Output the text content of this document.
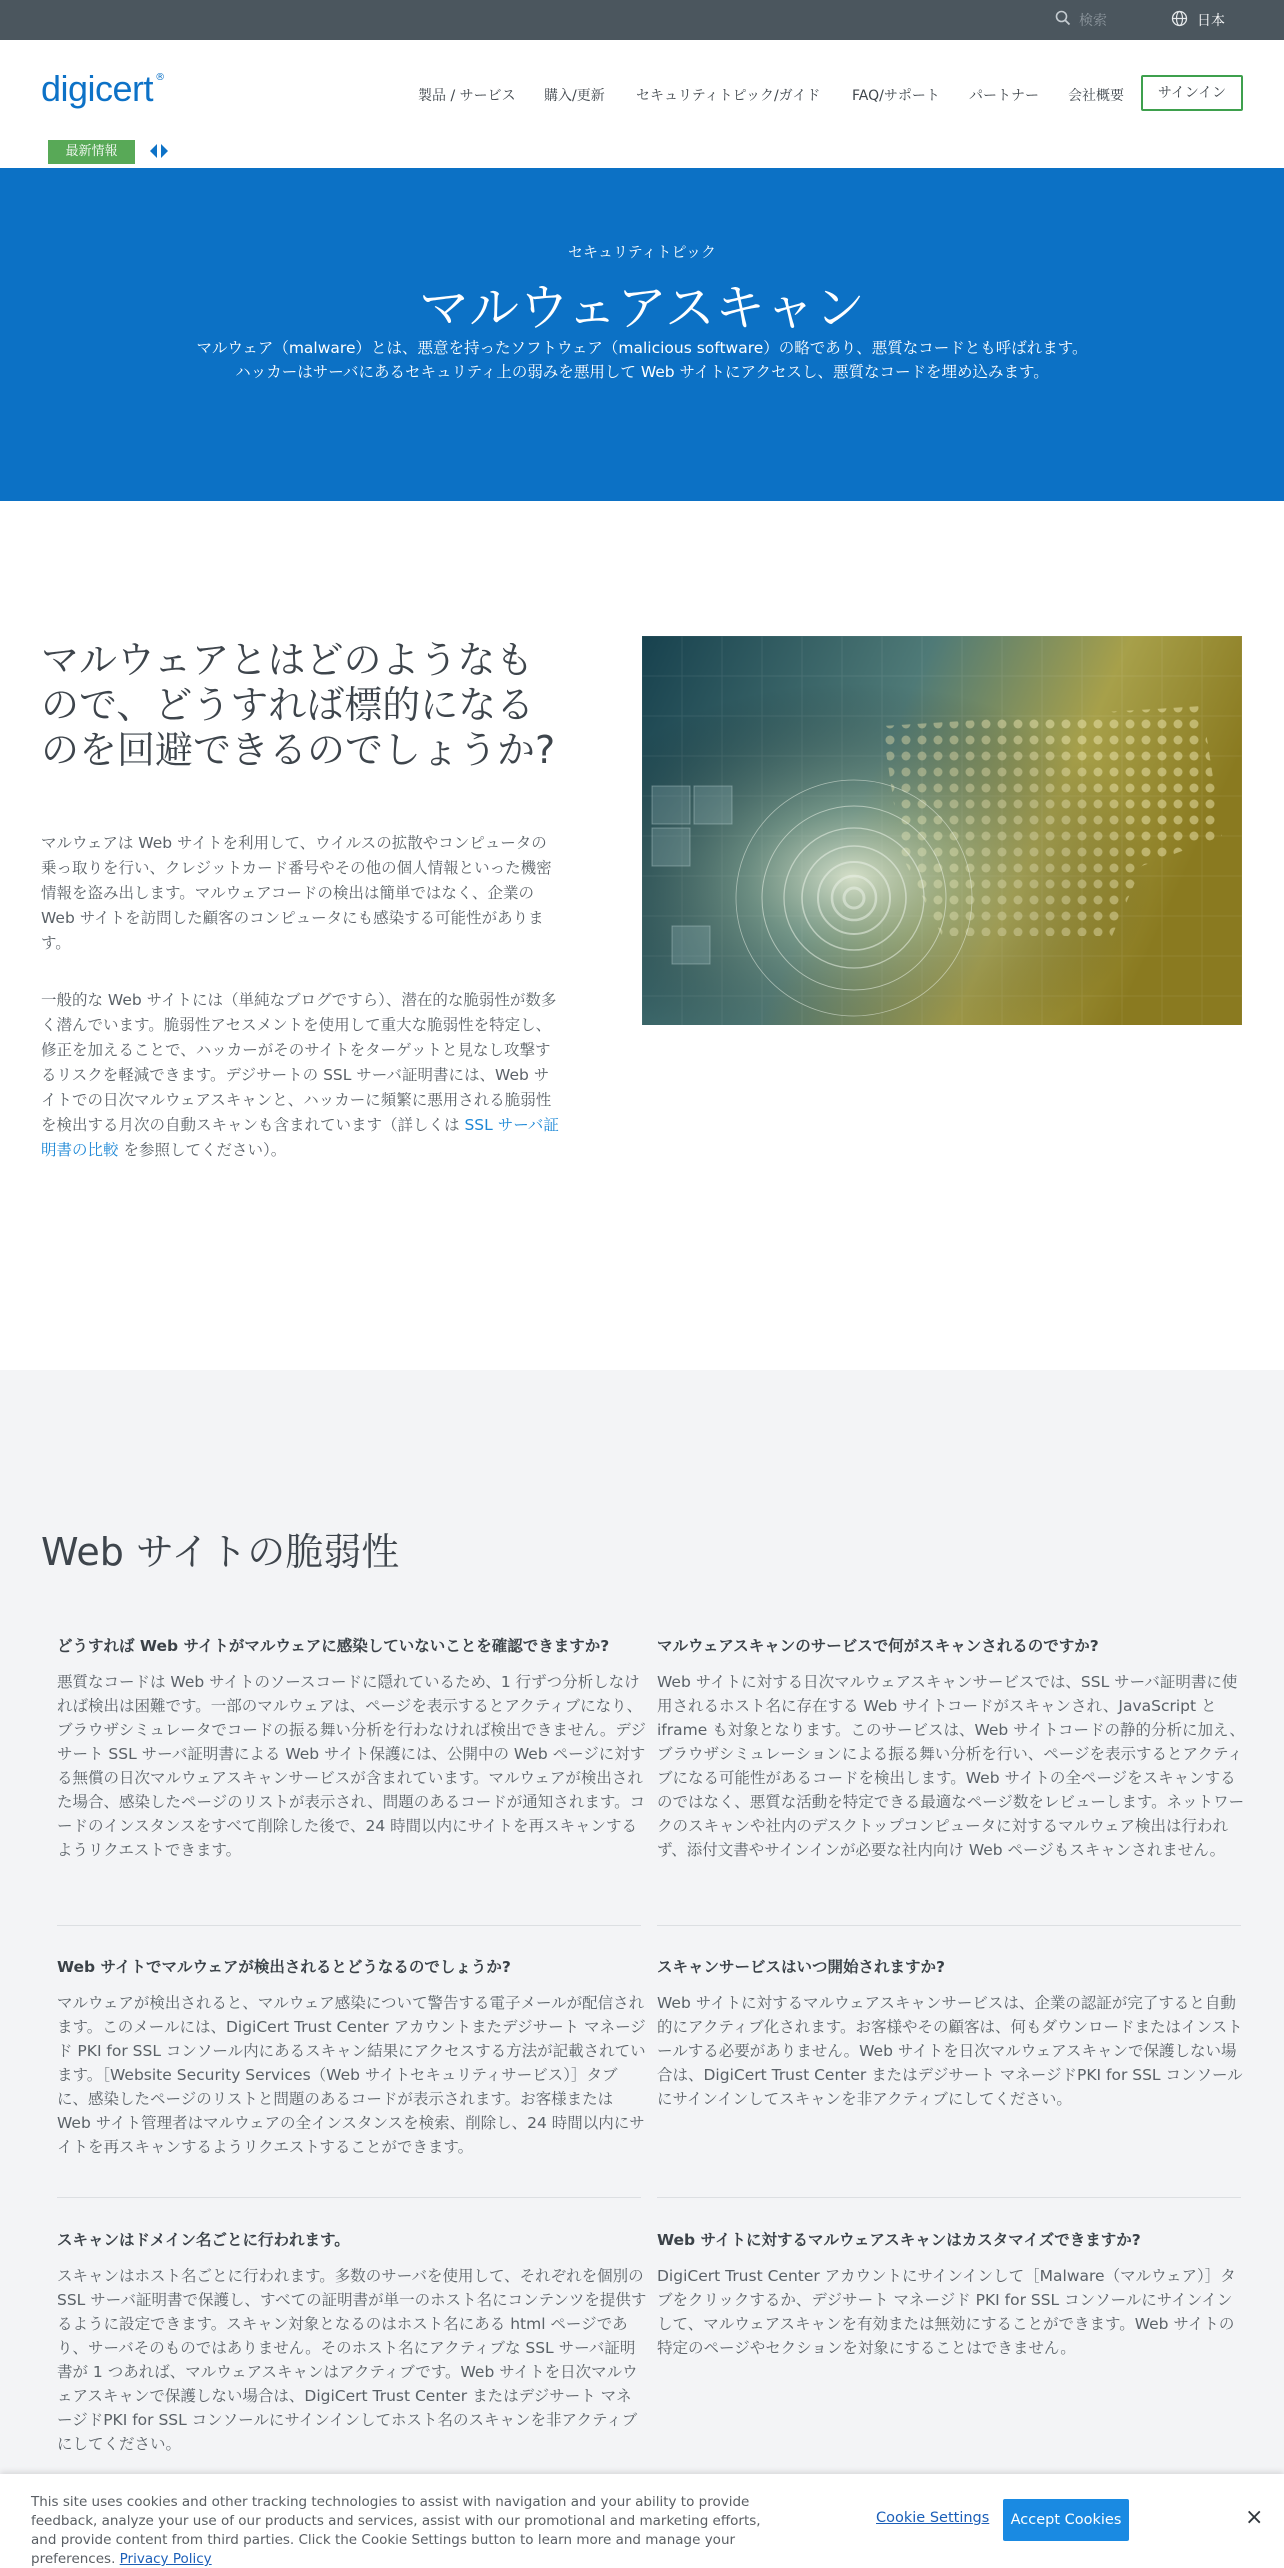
検索	日本
digicert ®
製品 / サービス 購入/更新 セキュリティトピック/ガイド FAQ/サポート パートナー 会社概要	サインイン
最新情報
セキュリティトピック
マルウェアスキャン
マルウェア（malware）とは、悪意を持ったソフトウェア（malicious software）の略であり、悪質なコードとも呼ばれます。
ハッカーはサーバにあるセキュリティ上の弱みを悪用して Web サイトにアクセスし、悪質なコードを埋め込みます。
マルウェアとはどのようなもので、どうすれば標的になるのを回避できるのでしょうか?

マルウェアは Web サイトを利用して、ウイルスの拡散やコンピュータの乗っ取りを行い、クレジットカード番号やその他の個人情報といった機密情報を盗み出します。マルウェアコードの検出は簡単ではなく、企業の Web サイトを訪問した顧客のコンピュータにも感染する可能性があります。

一般的な Web サイトには（単純なブログですら）、潜在的な脆弱性が数多く潜んでいます。脆弱性アセスメントを使用して重大な脆弱性を特定し、修正を加えることで、ハッカーがそのサイトをターゲットと見なし攻撃するリスクを軽減できます。デジサートの SSL サーバ証明書には、Web サイトでの日次マルウェアスキャンと、ハッカーに頻繁に悪用される脆弱性を検出する月次の自動スキャンも含まれています（詳しくは SSL サーバ証明書の比較 を参照してください）。

Web サイトの脆弱性
どうすれば Web サイトがマルウェアに感染していないことを確認できますか?
悪質なコードは Web サイトのソースコードに隠れているため、1 行ずつ分析しなければ検出は困難です。一部のマルウェアは、ページを表示するとアクティブになり、ブラウザシミュレータでコードの振る舞い分析を行わなければ検出できません。デジサート SSL サーバ証明書による Web サイト保護には、公開中の Web ページに対する無償の日次マルウェアスキャンサービスが含まれています。マルウェアが検出された場合、感染したページのリストが表示され、問題のあるコードが通知されます。コードのインスタンスをすべて削除した後で、24 時間以内にサイトを再スキャンするようリクエストできます。
マルウェアスキャンのサービスで何がスキャンされるのですか?
Web サイトに対する日次マルウェアスキャンサービスでは、SSL サーバ証明書に使用されるホスト名に存在する Web サイトコードがスキャンされ、JavaScript と iframe も対象となります。このサービスは、Web サイトコードの静的分析に加え、ブラウザシミュレーションによる振る舞い分析を行い、ページを表示するとアクティブになる可能性があるコードを検出します。Web サイトの全ページをスキャンするのではなく、悪質な活動を特定できる最適なページ数をレビューします。ネットワークのスキャンや社内のデスクトップコンピュータに対するマルウェア検出は行われず、添付文書やサインインが必要な社内向け Web ページもスキャンされません。
Web サイトでマルウェアが検出されるとどうなるのでしょうか?
マルウェアが検出されると、マルウェア感染について警告する電子メールが配信されます。このメールには、DigiCert Trust Center アカウントまたデジサート マネージド PKI for SSL コンソール内にあるスキャン結果にアクセスする方法が記載されています。［Website Security Services（Web サイトセキュリティサービス）］タブに、感染したページのリストと問題のあるコードが表示されます。お客様または Web サイト管理者はマルウェアの全インスタンスを検索、削除し、24 時間以内にサイトを再スキャンするようリクエストすることができます。
スキャンサービスはいつ開始されますか?
Web サイトに対するマルウェアスキャンサービスは、企業の認証が完了すると自動的にアクティブ化されます。お客様やその顧客は、何もダウンロードまたはインストールする必要がありません。Web サイトを日次マルウェアスキャンで保護しない場合は、DigiCert Trust Center またはデジサート マネージドPKI for SSL コンソールにサインインしてスキャンを非アクティブにしてください。
スキャンはドメイン名ごとに行われます。
スキャンはホスト名ごとに行われます。多数のサーバを使用して、それぞれを個別の SSL サーバ証明書で保護し、すべての証明書が単一のホスト名にコンテンツを提供するように設定できます。スキャン対象となるのはホスト名にある html ページであり、サーバそのものではありません。そのホスト名にアクティブな SSL サーバ証明書が 1 つあれば、マルウェアスキャンはアクティブです。Web サイトを日次マルウェアスキャンで保護しない場合は、DigiCert Trust Center またはデジサート マネージドPKI for SSL コンソールにサインインしてホスト名のスキャンを非アクティブにしてください。
Web サイトに対するマルウェアスキャンはカスタマイズできますか?
DigiCert Trust Center アカウントにサインインして［Malware（マルウェア）］タブをクリックするか、デジサート マネージド PKI for SSL コンソールにサインインして、マルウェアスキャンを有効または無効にすることができます。Web サイトの特定のページやセクションを対象にすることはできません。
This site uses cookies and other tracking technologies to assist with navigation and your ability to provide feedback, analyze your use of our products and services, assist with our promotional and marketing efforts, and provide content from third parties. Click the Cookie Settings button to learn more and manage your preferences. Privacy Policy
Cookie Settings	Accept Cookies	×
